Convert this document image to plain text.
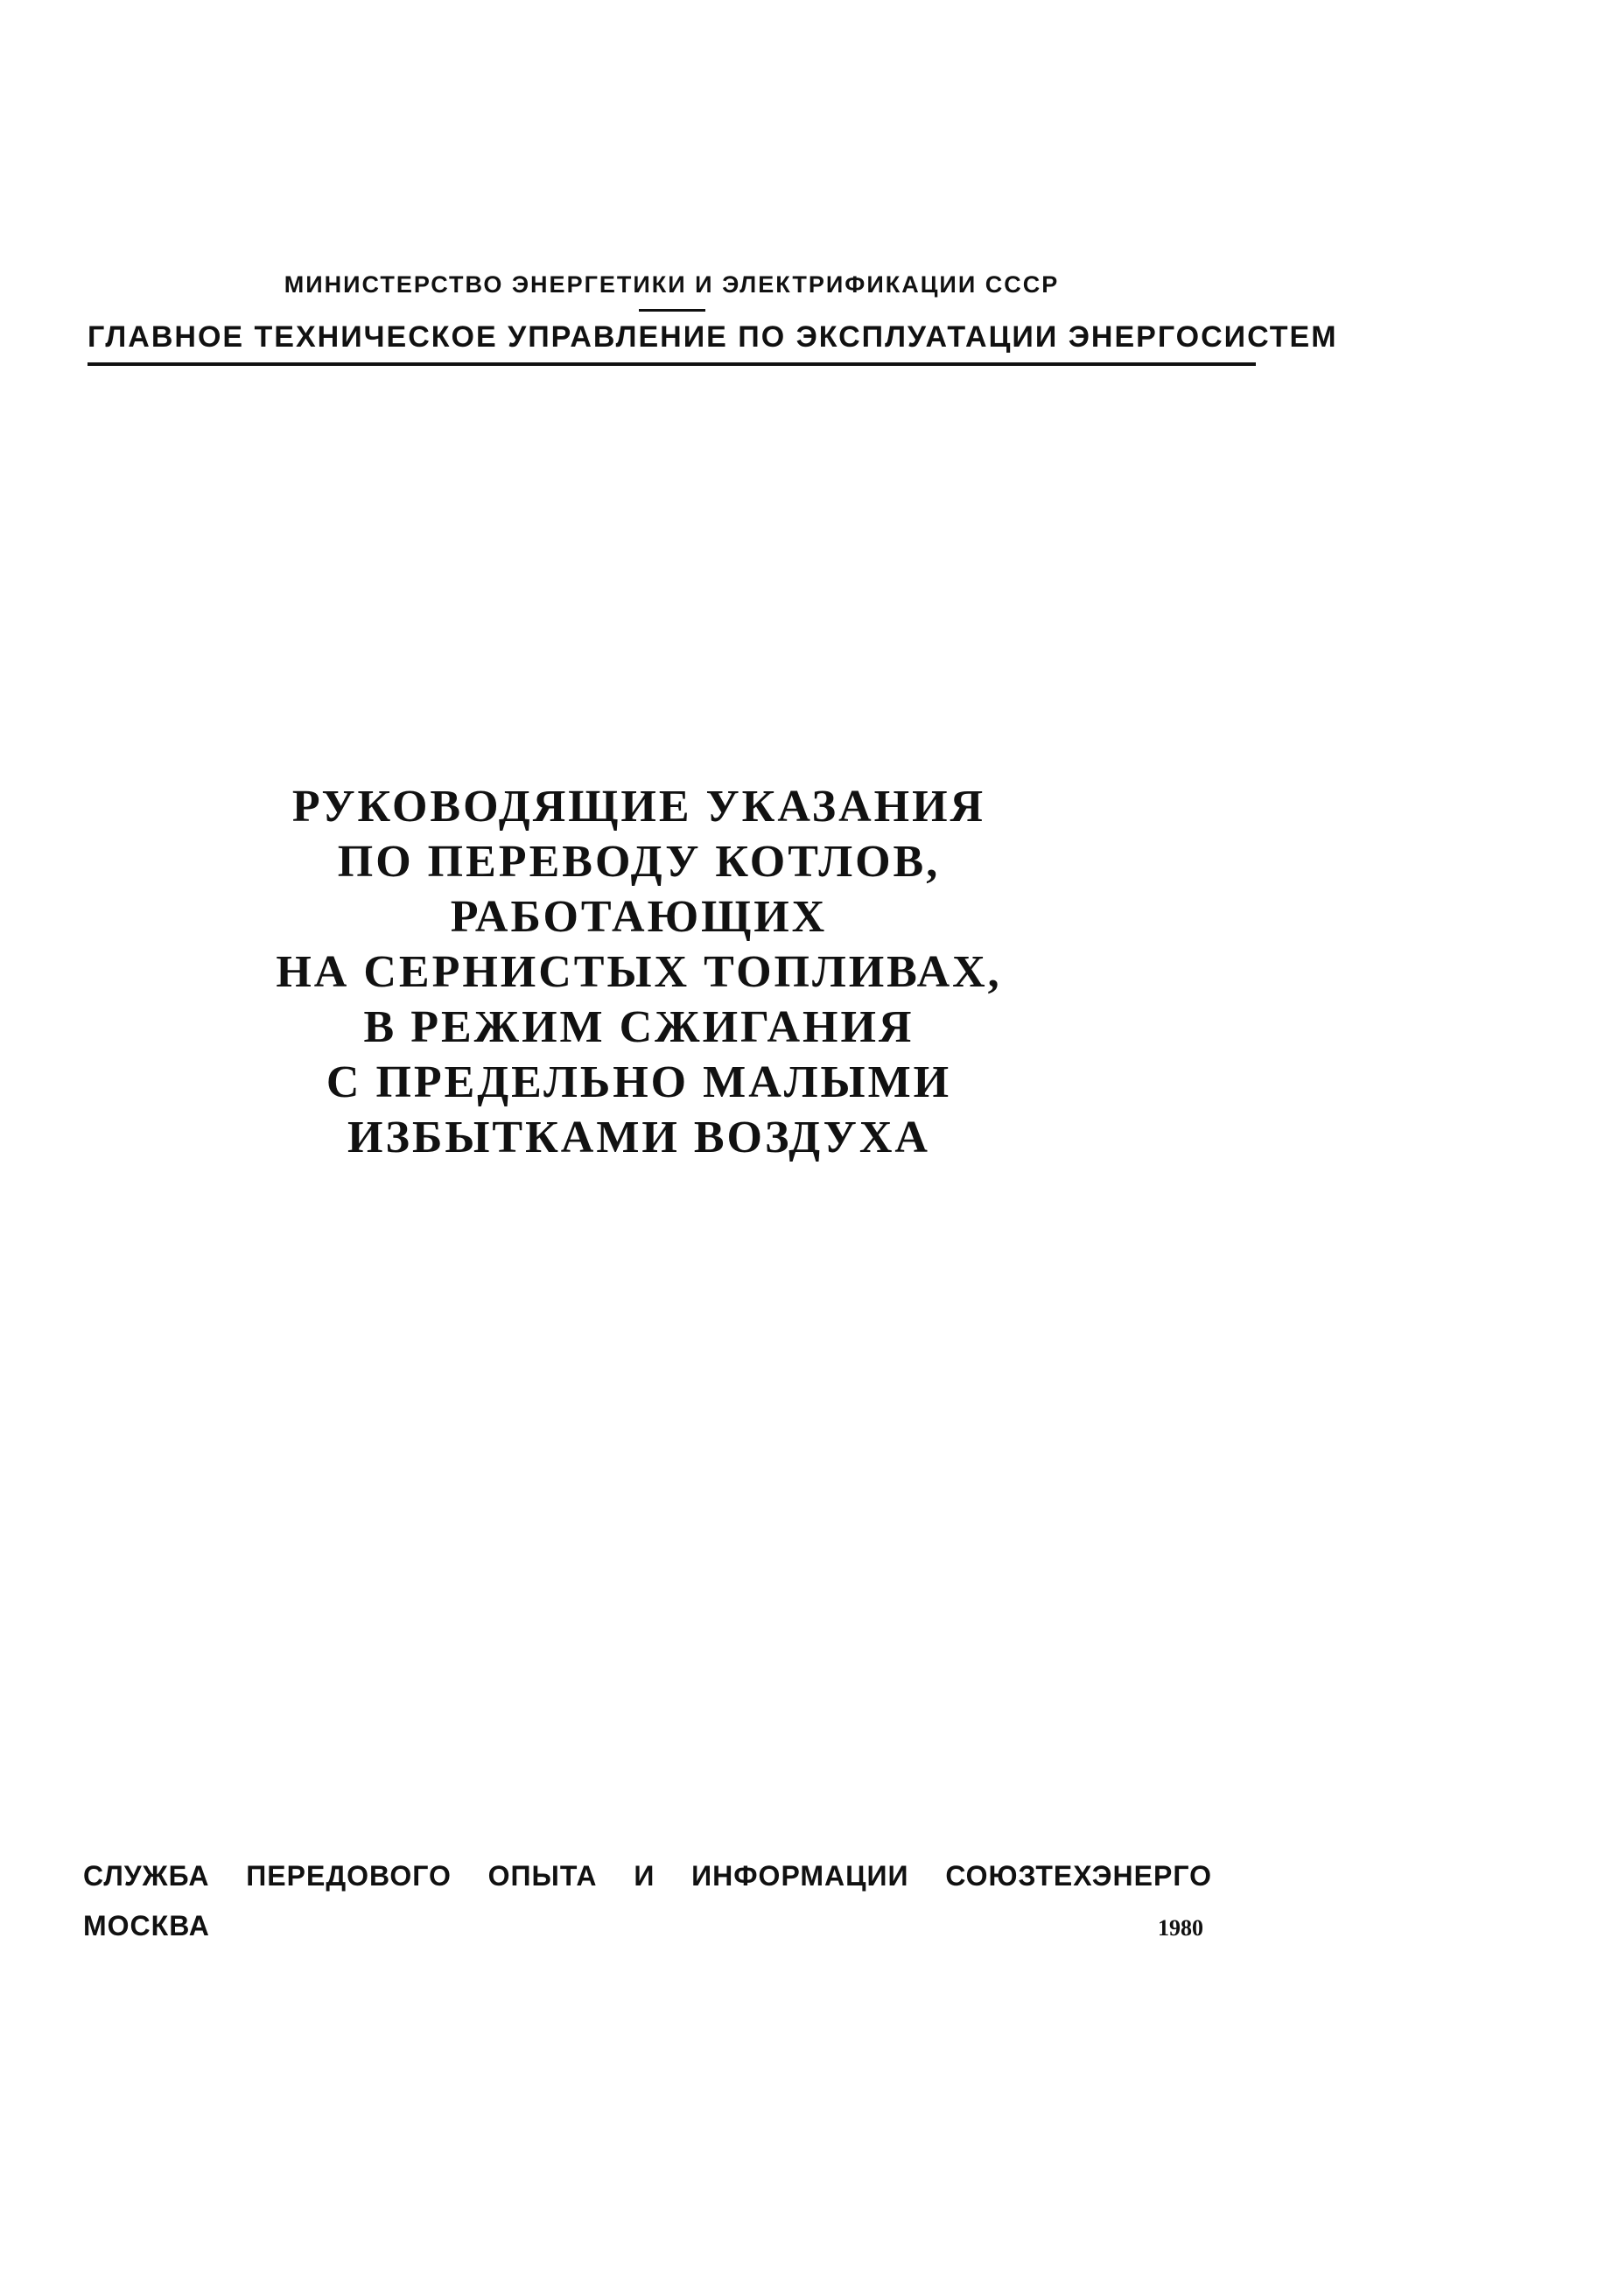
МИНИСТЕРСТВО ЭНЕРГЕТИКИ И ЭЛЕКТРИФИКАЦИИ СССР
ГЛАВНОЕ ТЕХНИЧЕСКОЕ УПРАВЛЕНИЕ ПО ЭКСПЛУАТАЦИИ ЭНЕРГОСИСТЕМ
РУКОВОДЯЩИЕ УКАЗАНИЯ
ПО ПЕРЕВОДУ КОТЛОВ,
РАБОТАЮЩИХ
НА СЕРНИСТЫХ ТОПЛИВАХ,
В РЕЖИМ СЖИГАНИЯ
С ПРЕДЕЛЬНО МАЛЫМИ
ИЗБЫТКАМИ ВОЗДУХА
СЛУЖБА ПЕРЕДОВОГО ОПЫТА И ИНФОРМАЦИИ СОЮЗТЕХЭНЕРГО
МОСКВА	1980
